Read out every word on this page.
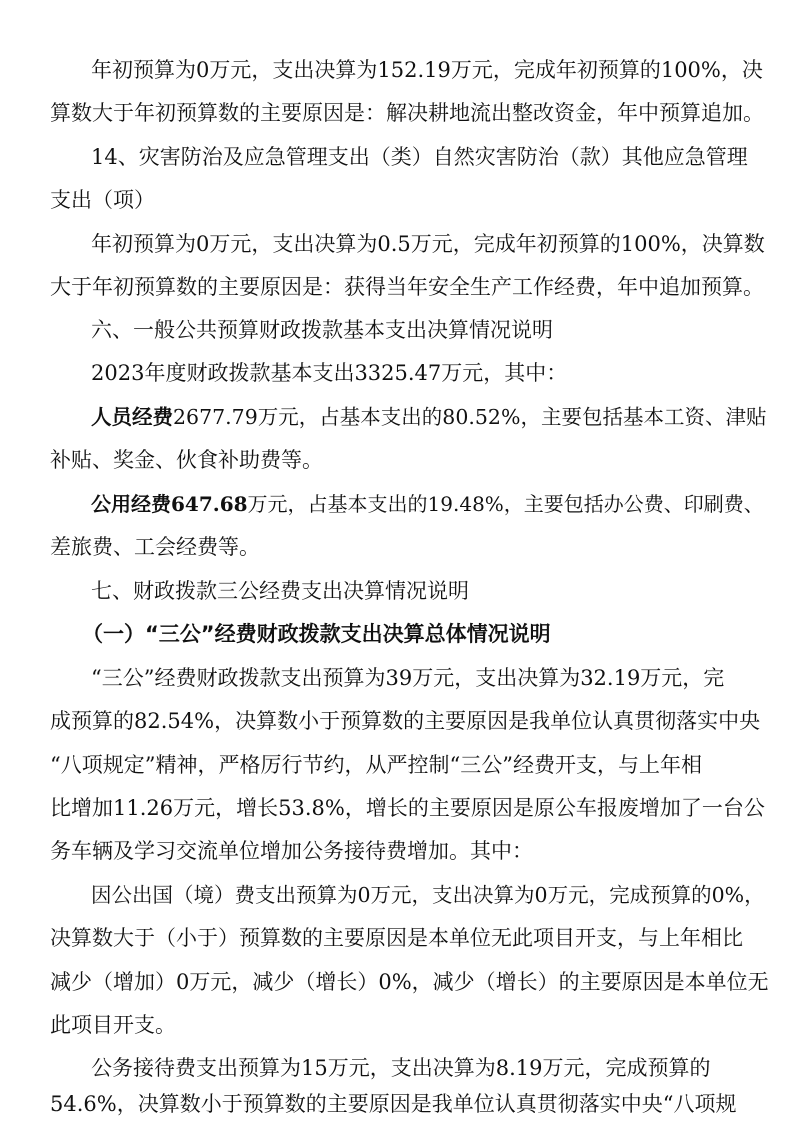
年初预算为0万元，支出决算为152.19万元，完成年初预算的100%，决
算数大于年初预算数的主要原因是：解决耕地流出整改资金，年中预算追加。
14、灾害防治及应急管理支出（类）自然灾害防治（款）其他应急管理
支出（项）
年初预算为0万元，支出决算为0.5万元，完成年初预算的100%，决算数
大于年初预算数的主要原因是：获得当年安全生产工作经费，年中追加预算。
六、一般公共预算财政拨款基本支出决算情况说明
2023年度财政拨款基本支出3325.47万元，其中：
人员经费2677.79万元，占基本支出的80.52%，主要包括基本工资、津贴
补贴、奖金、伙食补助费等。
公用经费647.68万元，占基本支出的19.48%，主要包括办公费、印刷费、
差旅费、工会经费等。
七、财政拨款三公经费支出决算情况说明
（一）“三公”经费财政拨款支出决算总体情况说明
“三公”经费财政拨款支出预算为39万元，支出决算为32.19万元，完
成预算的82.54%，决算数小于预算数的主要原因是我单位认真贯彻落实中央
“八项规定”精神，严格厉行节约，从严控制“三公”经费开支，与上年相
比增加11.26万元，增长53.8%，增长的主要原因是原公车报废增加了一台公
务车辆及学习交流单位增加公务接待费增加。其中：
因公出国（境）费支出预算为0万元，支出决算为0万元，完成预算的0%，
决算数大于（小于）预算数的主要原因是本单位无此项目开支，与上年相比
减少（增加）0万元，减少（增长）0%，减少（增长）的主要原因是本单位无
此项目开支。
公务接待费支出预算为15万元，支出决算为8.19万元，完成预算的
54.6%，决算数小于预算数的主要原因是我单位认真贯彻落实中央“八项规
